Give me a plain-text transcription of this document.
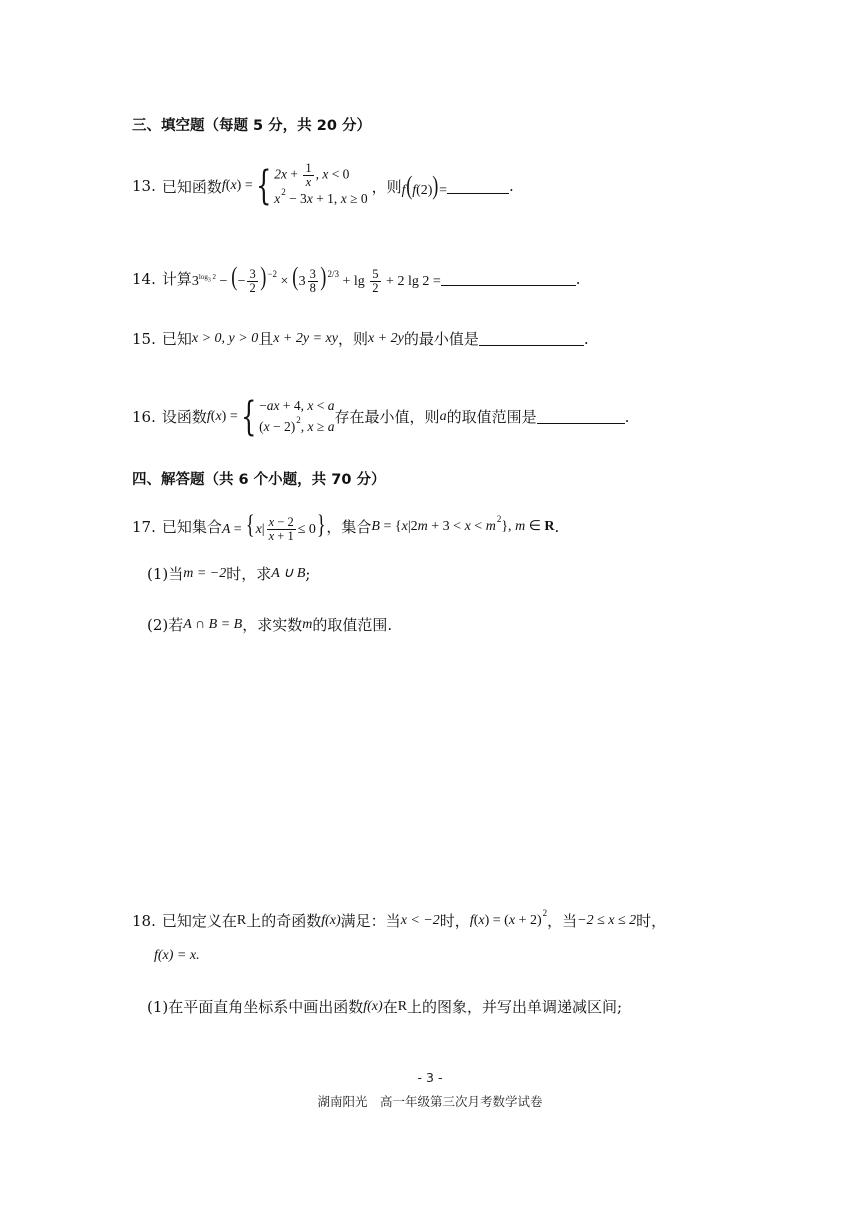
三、填空题（每题 5 分，共 20 分）
13. 已知函数 f(x) = { $2x + \frac{1}{x}$ , x < 0
$x^2 - 3x + 1$, x ≥ 0
，则 f(f(2))=	.
14. 计算 $3^{log_3 2}$ − (− $\frac{3}{2} )^{-2} \times (3 \frac{3}{8} )^{2/3} + \lg \frac{5}{2} + 2$ lg 2 =	.
15. 已知 x > 0, y > 0 且 x + 2y = xy ，则 x + 2y 的最小值是	.
16. 设函数 f(x) = { −ax + 4, x < a
$(x - 2)^2$, x ≥ a 存在最小值，则 a 的取值范围是	.
四、解答题（共 6 个小题，共 70 分）
17. 已知集合 $A = \{x| \frac{x - 2}{x + 1} \le 0\}$ ，集合 $B = \{x|2m + 3 < x < m^2\}$, m ∈ R .
(1)当 m = −2 时，求 A ∪ B ;
(2)若 A ∩ B = B ，求实数 m 的取值范围.
18. 已知定义在 R 上的奇函数 f(x) 满足：当 x < −2 时， $f(x) = (x + 2)^2$ ，当 −2 ≤ x ≤ 2 时，
f(x) = x.
(1)在平面直角坐标系中画出函数 f(x) 在 R 上的图象，并写出单调递减区间;
- 3 -
湖南阳光　高一年级第三次月考数学试卷
